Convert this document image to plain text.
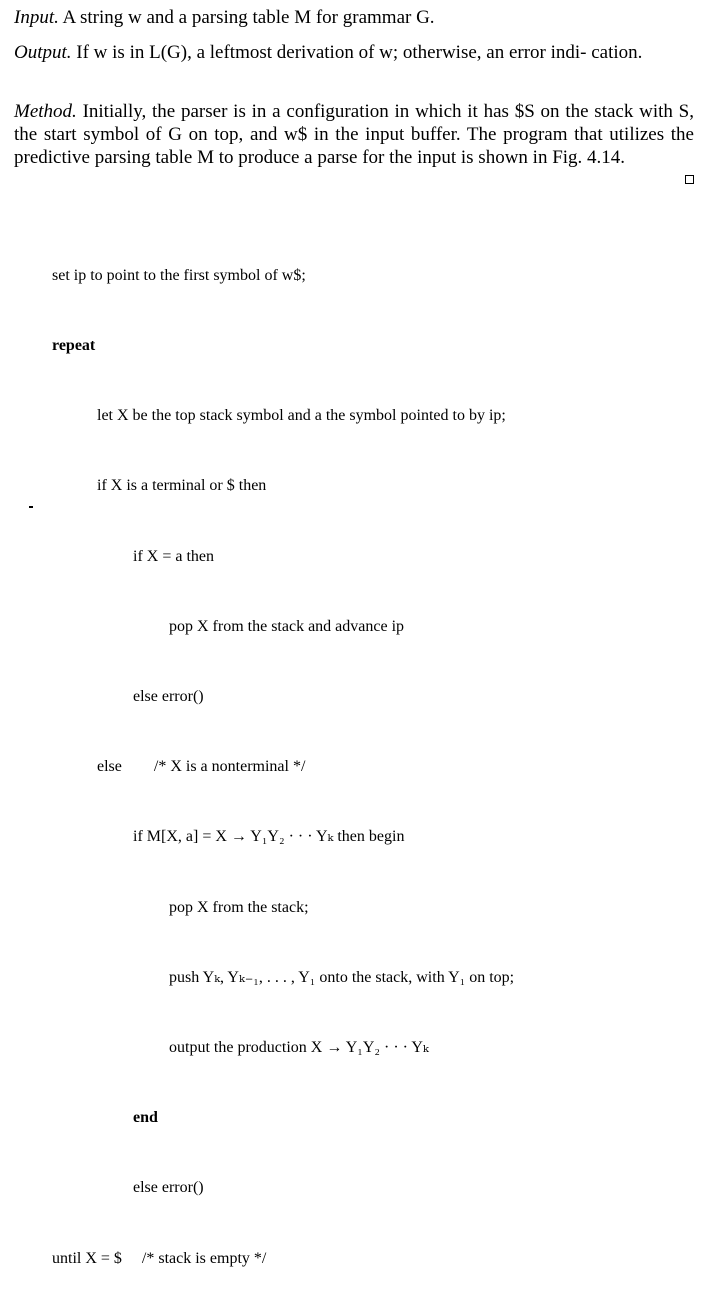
Input. A string w and a parsing table M for grammar G.
Output. If w is in L(G), a leftmost derivation of w; otherwise, an error indi- cation.
Method. Initially, the parser is in a configuration in which it has $S on the stack with S, the start symbol of G on top, and w$ in the input buffer. The program that utilizes the predictive parsing table M to produce a parse for the input is shown in Fig. 4.14.

set ip to point to the first symbol of w$;

repeat

let X be the top stack symbol and a the symbol pointed to by ip;

if X is a terminal or $ then

if X = a then

pop X from the stack and advance ip

else error()

else        /* X is a nonterminal */

if M[X, a] = X → Y₁Y₂ · · · Yₖ then begin

pop X from the stack;

push Yₖ, Yₖ₋₁, . . . , Y₁ onto the stack, with Y₁ on top;

output the production X → Y₁Y₂ · · · Yₖ

end

else error()

until X = $     /* stack is empty */
